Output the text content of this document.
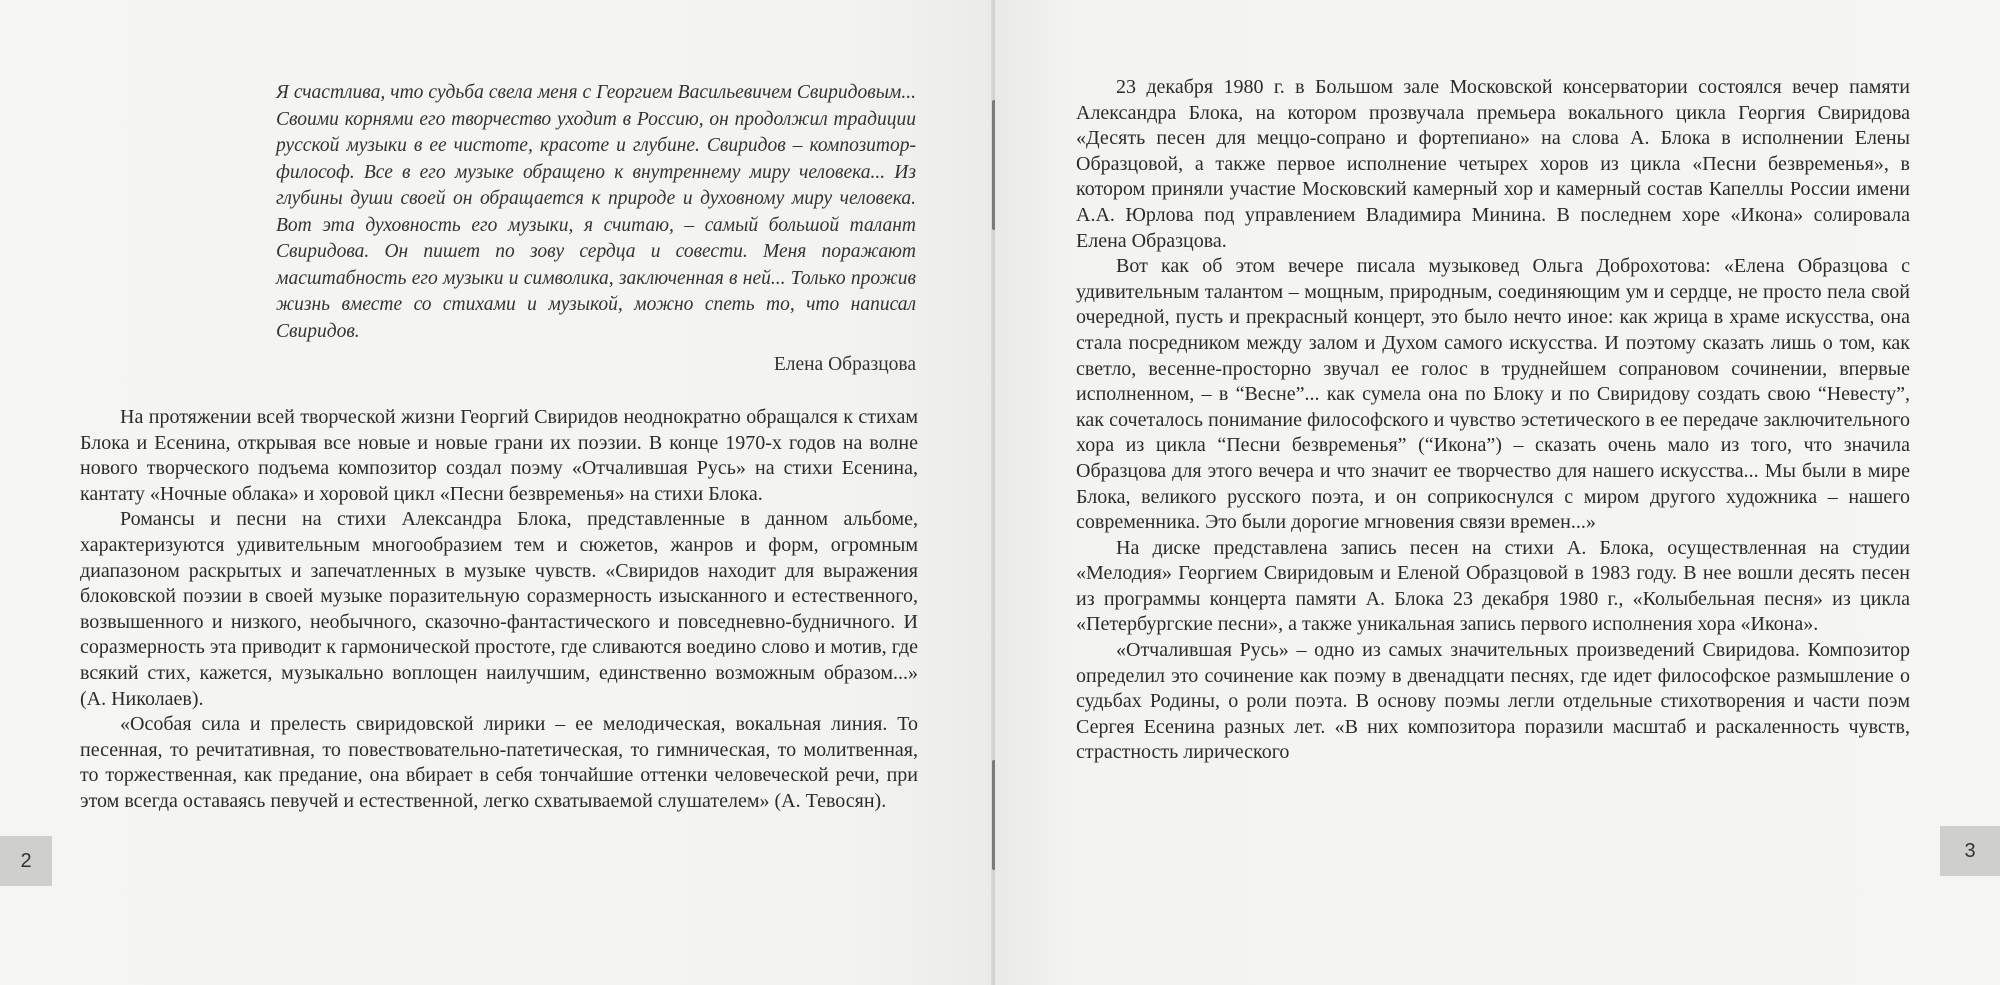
Я счастлива, что судьба свела меня с Георгием Васильевичем Свиридовым... Своими корнями его творчество уходит в Россию, он продолжил традиции русской музыки в ее чистоте, красоте и глубине. Свиридов – композитор-философ. Все в его музыке обращено к внутреннему миру человека... Из глубины души своей он обращается к природе и духовному миру человека. Вот эта духовность его музыки, я считаю, – самый большой талант Свиридова. Он пишет по зову сердца и совести. Меня поражают масштабность его музыки и символика, заключенная в ней... Только прожив жизнь вместе со стихами и музыкой, можно спеть то, что написал Свиридов.
Елена Образцова

На протяжении всей творческой жизни Георгий Свиридов неоднократно обращался к стихам Блока и Есенина, открывая все новые и новые грани их поэзии. В конце 1970-х годов на волне нового творческого подъема композитор создал поэму «Отчалившая Русь» на стихи Есенина, кантату «Ночные облака» и хоровой цикл «Песни безвременья» на стихи Блока.

Романсы и песни на стихи Александра Блока, представленные в данном альбоме, характеризуются удивительным многообразием тем и сюжетов, жанров и форм, огромным диапазоном раскрытых и запечатленных в музыке чувств. «Свиридов находит для выражения блоковской поэзии в своей музыке поразительную соразмерность изысканного и естественного, возвышенного и низкого, необычного, сказочно-фантастического и повседневно-будничного. И соразмерность эта приводит к гармонической простоте, где сливаются воедино слово и мотив, где всякий стих, кажется, музыкально воплощен наилучшим, единственно возможным образом...» (А. Николаев).

«Особая сила и прелесть свиридовской лирики – ее мелодическая, вокальная линия. То песенная, то речитативная, то повествовательно-патетическая, то гимническая, то молитвенная, то торжественная, как предание, она вбирает в себя тончайшие оттенки человеческой речи, при этом всегда оставаясь певучей и естественной, легко схватываемой слушателем» (А. Тевосян).

2	3

23 декабря 1980 г. в Большом зале Московской консерватории состоялся вечер памяти Александра Блока, на котором прозвучала премьера вокального цикла Георгия Свиридова «Десять песен для меццо-сопрано и фортепиано» на слова А. Блока в исполнении Елены Образцовой, а также первое исполнение четырех хоров из цикла «Песни безвременья», в котором приняли участие Московский камерный хор и камерный состав Капеллы России имени А.А. Юрлова под управлением Владимира Минина. В последнем хоре «Икона» солировала Елена Образцова.

Вот как об этом вечере писала музыковед Ольга Доброхотова: «Елена Образцова с удивительным талантом – мощным, природным, соединяющим ум и сердце, не просто пела свой очередной, пусть и прекрасный концерт, это было нечто иное: как жрица в храме искусства, она стала посредником между залом и Духом самого искусства. И поэтому сказать лишь о том, как светло, весенне-просторно звучал ее голос в труднейшем сопрановом сочинении, впервые исполненном, – в “Весне”... как сумела она по Блоку и по Свиридову создать свою “Невесту”, как сочеталось понимание философского и чувство эстетического в ее передаче заключительного хора из цикла “Песни безвременья” (“Икона”) – сказать очень мало из того, что значила Образцова для этого вечера и что значит ее творчество для нашего искусства... Мы были в мире Блока, великого русского поэта, и он соприкоснулся с миром другого художника – нашего современника. Это были дорогие мгновения связи времен...»

На диске представлена запись песен на стихи А. Блока, осуществленная на студии «Мелодия» Георгием Свиридовым и Еленой Образцовой в 1983 году. В нее вошли десять песен из программы концерта памяти А. Блока 23 декабря 1980 г., «Колыбельная песня» из цикла «Петербургские песни», а также уникальная запись первого исполнения хора «Икона».

«Отчалившая Русь» – одно из самых значительных произведений Свиридова. Композитор определил это сочинение как поэму в двенадцати песнях, где идет философское размышление о судьбах Родины, о роли поэта. В основу поэмы легли отдельные стихотворения и части поэм Сергея Есенина разных лет. «В них композитора поразили масштаб и раскаленность чувств, страстность лирического
